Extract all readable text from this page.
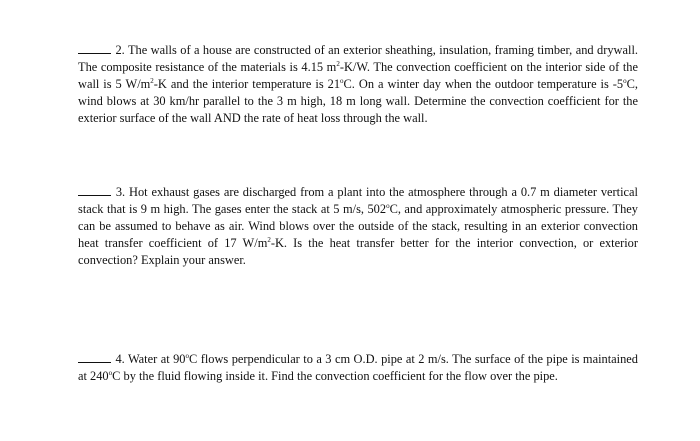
2. The walls of a house are constructed of an exterior sheathing, insulation, framing timber, and drywall. The composite resistance of the materials is 4.15 $m^2-K/W$. The convection coefficient on the interior side of the wall is 5 $W/m^2-K$ and the interior temperature is 21$^o$C. On a winter day when the outdoor temperature is -5$^o$C, wind blows at 30 km/hr parallel to the 3 m high, 18 m long wall. Determine the convection coefficient for the exterior surface of the wall AND the rate of heat loss through the wall.
3. Hot exhaust gases are discharged from a plant into the atmosphere through a 0.7 m diameter vertical stack that is 9 m high. The gases enter the stack at 5 m/s, 502$^o$C, and approximately atmospheric pressure. They can be assumed to behave as air. Wind blows over the outside of the stack, resulting in an exterior convection heat transfer coefficient of 17 $W/m^2-K$. Is the heat transfer better for the interior convection, or exterior convection? Explain your answer.
4. Water at 90$^o$C flows perpendicular to a 3 cm O.D. pipe at 2 m/s. The surface of the pipe is maintained at 240$^o$C by the fluid flowing inside it. Find the convection coefficient for the flow over the pipe.
